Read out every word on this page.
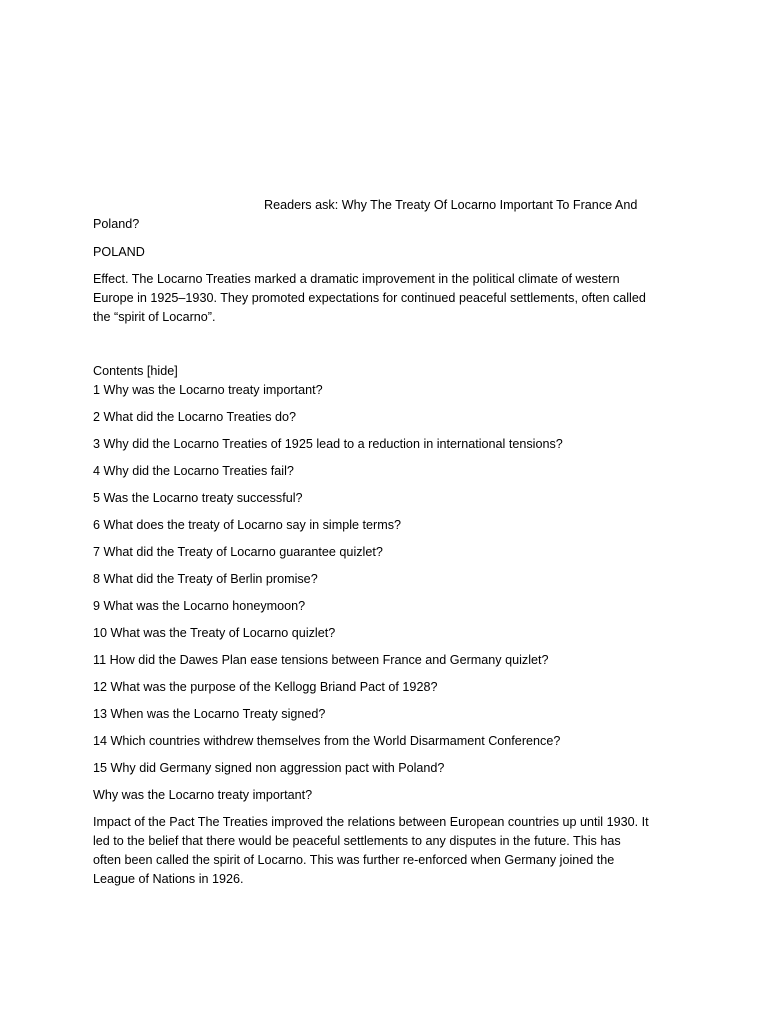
Readers ask: Why The Treaty Of Locarno Important To France And
Poland?
POLAND
Effect. The Locarno Treaties marked a dramatic improvement in the political climate of western
Europe in 1925–1930. They promoted expectations for continued peaceful settlements, often called
the “spirit of Locarno”.
Contents [hide]
1 Why was the Locarno treaty important?
2 What did the Locarno Treaties do?
3 Why did the Locarno Treaties of 1925 lead to a reduction in international tensions?
4 Why did the Locarno Treaties fail?
5 Was the Locarno treaty successful?
6 What does the treaty of Locarno say in simple terms?
7 What did the Treaty of Locarno guarantee quizlet?
8 What did the Treaty of Berlin promise?
9 What was the Locarno honeymoon?
10 What was the Treaty of Locarno quizlet?
11 How did the Dawes Plan ease tensions between France and Germany quizlet?
12 What was the purpose of the Kellogg Briand Pact of 1928?
13 When was the Locarno Treaty signed?
14 Which countries withdrew themselves from the World Disarmament Conference?
15 Why did Germany signed non aggression pact with Poland?
Why was the Locarno treaty important?
Impact of the Pact The Treaties improved the relations between European countries up until 1930. It
led to the belief that there would be peaceful settlements to any disputes in the future. This has
often been called the spirit of Locarno. This was further re-enforced when Germany joined the
League of Nations in 1926.
